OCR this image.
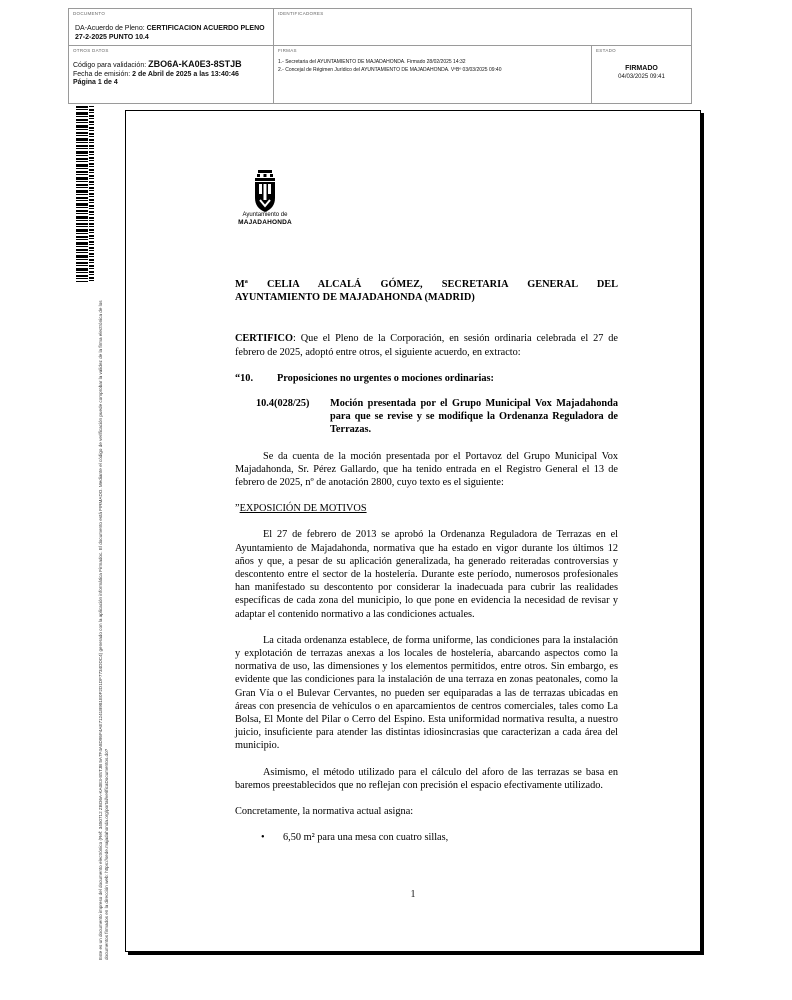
DOCUMENTO
DA-Acuerdo de Pleno: CERTIFICACION ACUERDO PLENO 27-2-2025 PUNTO 10.4
IDENTIFICADORES
OTROS DATOS
Código para validación: ZBO6A-KA0E3-8STJB
Fecha de emisión: 2 de Abril de 2025 a las 13:40:46
Página 1 de 4
FIRMAS
1.- Secretaria del AYUNTAMIENTO DE MAJADAHONDA. Firmado 28/02/2025 14:32
2.- Concejal de Régimen Jurídico del AYUNTAMIENTO DE MAJADAHONDA. VºBº 03/03/2025 09:40
ESTADO
FIRMADO
04/03/2025 09:41
Este es un documento impreso del documento electrónico (Ref: 3450712 ZBO6A-KA0E3-8STJB 5A7F4A8D95F4AE71241B981E0F2D1DF7734DDC4) generado con la aplicación informática Firmadoc. El documento está FIRMADO. Mediante el código de verificación puede comprobar la validez de la firma electrónica de los documentos firmados en la dirección web: https://sede.majadahonda.org/portal/verificaDocumentos.do?	1
Ayuntamiento de
MAJADAHONDA

Mª CELIA ALCALÁ GÓMEZ, SECRETARIA GENERAL DEL

AYUNTAMIENTO DE MAJADAHONDA (MADRID)

CERTIFICO: Que el Pleno de la Corporación, en sesión ordinaria celebrada el 27 de febrero de 2025, adoptó entre otros, el siguiente acuerdo, en extracto:

“10.	Proposiciones no urgentes o mociones ordinarias:
10.4(028/25)	Moción presentada por el Grupo Municipal Vox Majadahonda para que se revise y se modifique la Ordenanza Reguladora de Terrazas.

Se da cuenta de la moción presentada por el Portavoz del Grupo Municipal Vox Majadahonda, Sr. Pérez Gallardo, que ha tenido entrada en el Registro General el 13 de febrero de 2025, nº de anotación 2800, cuyo texto es el siguiente:

”EXPOSICIÓN DE MOTIVOS

El 27 de febrero de 2013 se aprobó la Ordenanza Reguladora de Terrazas en el Ayuntamiento de Majadahonda, normativa que ha estado en vigor durante los últimos 12 años y que, a pesar de su aplicación generalizada, ha generado reiteradas controversias y descontento entre el sector de la hostelería. Durante este período, numerosos profesionales han manifestado su descontento por considerar la inadecuada para cubrir las realidades específicas de cada zona del municipio, lo que pone en evidencia la necesidad de revisar y adaptar el contenido normativo a las condiciones actuales.

La citada ordenanza establece, de forma uniforme, las condiciones para la instalación y explotación de terrazas anexas a los locales de hostelería, abarcando aspectos como la normativa de uso, las dimensiones y los elementos permitidos, entre otros. Sin embargo, es evidente que las condiciones para la instalación de una terraza en zonas peatonales, como la Gran Vía o el Bulevar Cervantes, no pueden ser equiparadas a las de terrazas ubicadas en áreas con presencia de vehículos o en aparcamientos de centros comerciales, tales como La Bolsa, El Monte del Pilar o Cerro del Espino. Esta uniformidad normativa resulta, a nuestro juicio, insuficiente para atender las distintas idiosincrasias que caracterizan a cada área del municipio.

Asimismo, el método utilizado para el cálculo del aforo de las terrazas se basa en baremos preestablecidos que no reflejan con precisión el espacio efectivamente utilizado.

Concretamente, la normativa actual asigna:

•	6,50 m² para una mesa con cuatro sillas,
